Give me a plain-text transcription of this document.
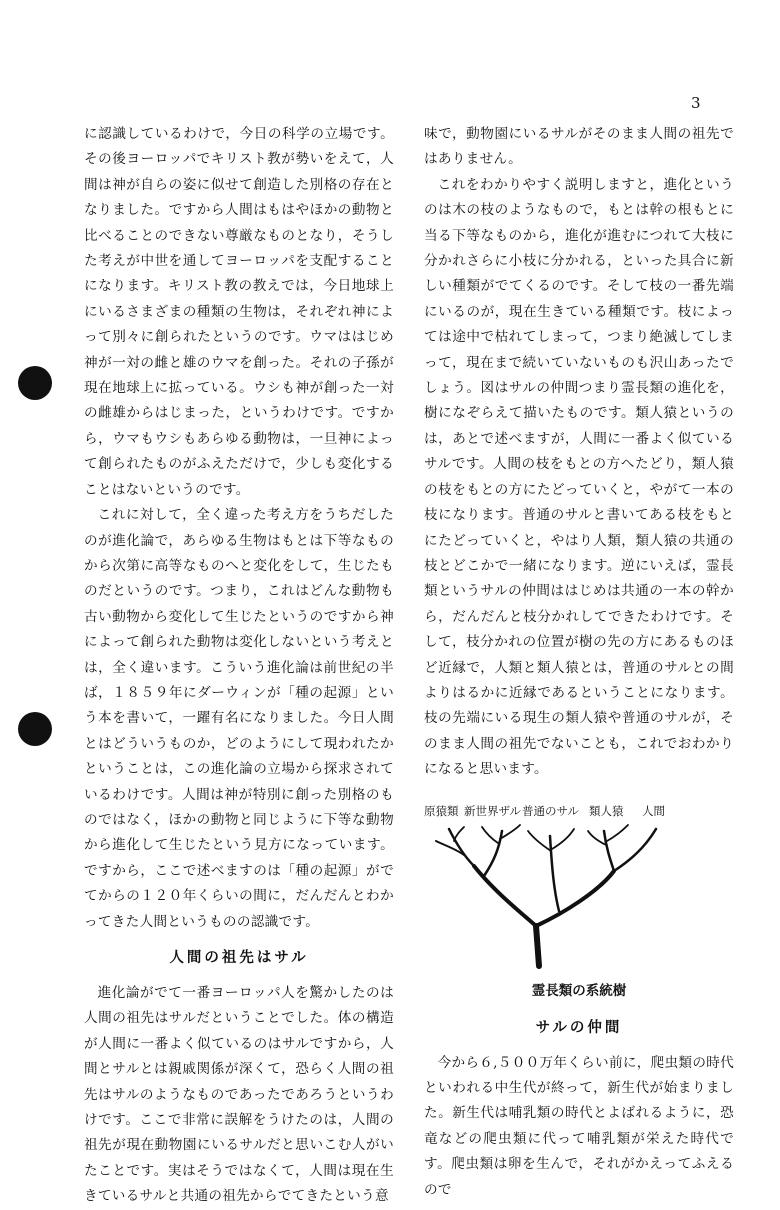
3

に認識しているわけで，今日の科学の立場です。その後ヨーロッパでキリスト教が勢いをえて，人間は神が自らの姿に似せて創造した別格の存在となりました。ですから人間はもはやほかの動物と比べることのできない尊厳なものとなり，そうした考えが中世を通してヨーロッパを支配することになります。キリスト教の教えでは，今日地球上にいるさまざまの種類の生物は，それぞれ神によって別々に創られたというのです。ウマははじめ神が一対の雌と雄のウマを創った。それの子孫が現在地球上に拡っている。ウシも神が創った一対の雌雄からはじまった，というわけです。ですから，ウマもウシもあらゆる動物は，一旦神によって創られたものがふえただけで，少しも変化することはないというのです。

これに対して，全く違った考え方をうちだしたのが進化論で，あらゆる生物はもとは下等なものから次第に高等なものへと変化をして，生じたものだというのです。つまり，これはどんな動物も古い動物から変化して生じたというのですから神によって創られた動物は変化しないという考えとは，全く違います。こういう進化論は前世紀の半ば，１８５９年にダーウィンが「種の起源」という本を書いて，一躍有名になりました。今日人間とはどういうものか，どのようにして現われたかということは，この進化論の立場から探求されているわけです。人間は神が特別に創った別格のものではなく，ほかの動物と同じように下等な動物から進化して生じたという見方になっています。ですから，ここで述べますのは「種の起源」がでてからの１２０年くらいの間に，だんだんとわかってきた人間というものの認識です。

人間の祖先はサル

進化論がでて一番ヨーロッパ人を驚かしたのは人間の祖先はサルだということでした。体の構造が人間に一番よく似ているのはサルですから，人間とサルとは親戚関係が深くて，恐らく人間の祖先はサルのようなものであったであろうというわけです。ここで非常に誤解をうけたのは，人間の祖先が現在動物園にいるサルだと思いこむ人がいたことです。実はそうではなくて，人間は現在生きているサルと共通の祖先からでてきたという意

味で，動物園にいるサルがそのまま人間の祖先ではありません。

これをわかりやすく説明しますと，進化というのは木の枝のようなもので，もとは幹の根もとに当る下等なものから，進化が進むにつれて大枝に分かれさらに小枝に分かれる，といった具合に新しい種類がでてくるのです。そして枝の一番先端にいるのが，現在生きている種類です。枝によっては途中で枯れてしまって，つまり絶滅してしまって，現在まで続いていないものも沢山あったでしょう。図はサルの仲間つまり霊長類の進化を，樹になぞらえて描いたものです。類人猿というのは，あとで述べますが，人間に一番よく似ているサルです。人間の枝をもとの方へたどり，類人猿の枝をもとの方にたどっていくと，やがて一本の枝になります。普通のサルと書いてある枝をもとにたどっていくと，やはり人類，類人猿の共通の枝とどこかで一緒になります。逆にいえば，霊長類というサルの仲間ははじめは共通の一本の幹から，だんだんと枝分かれしてできたわけです。そして，枝分かれの位置が樹の先の方にあるものほど近縁で，人類と類人猿とは，普通のサルとの間よりはるかに近縁であるということになります。枝の先端にいる現生の類人猿や普通のサルが，そのまま人間の祖先でないことも，これでおわかりになると思います。

原猿類 新世界ザル 普通のサル 類人猿 人間
霊長類の系統樹
サルの仲間

今から６,５００万年くらい前に，爬虫類の時代といわれる中生代が終って，新生代が始まりました。新生代は哺乳類の時代とよばれるように，恐竜などの爬虫類に代って哺乳類が栄えた時代です。爬虫類は卵を生んで，それがかえってふえるので
